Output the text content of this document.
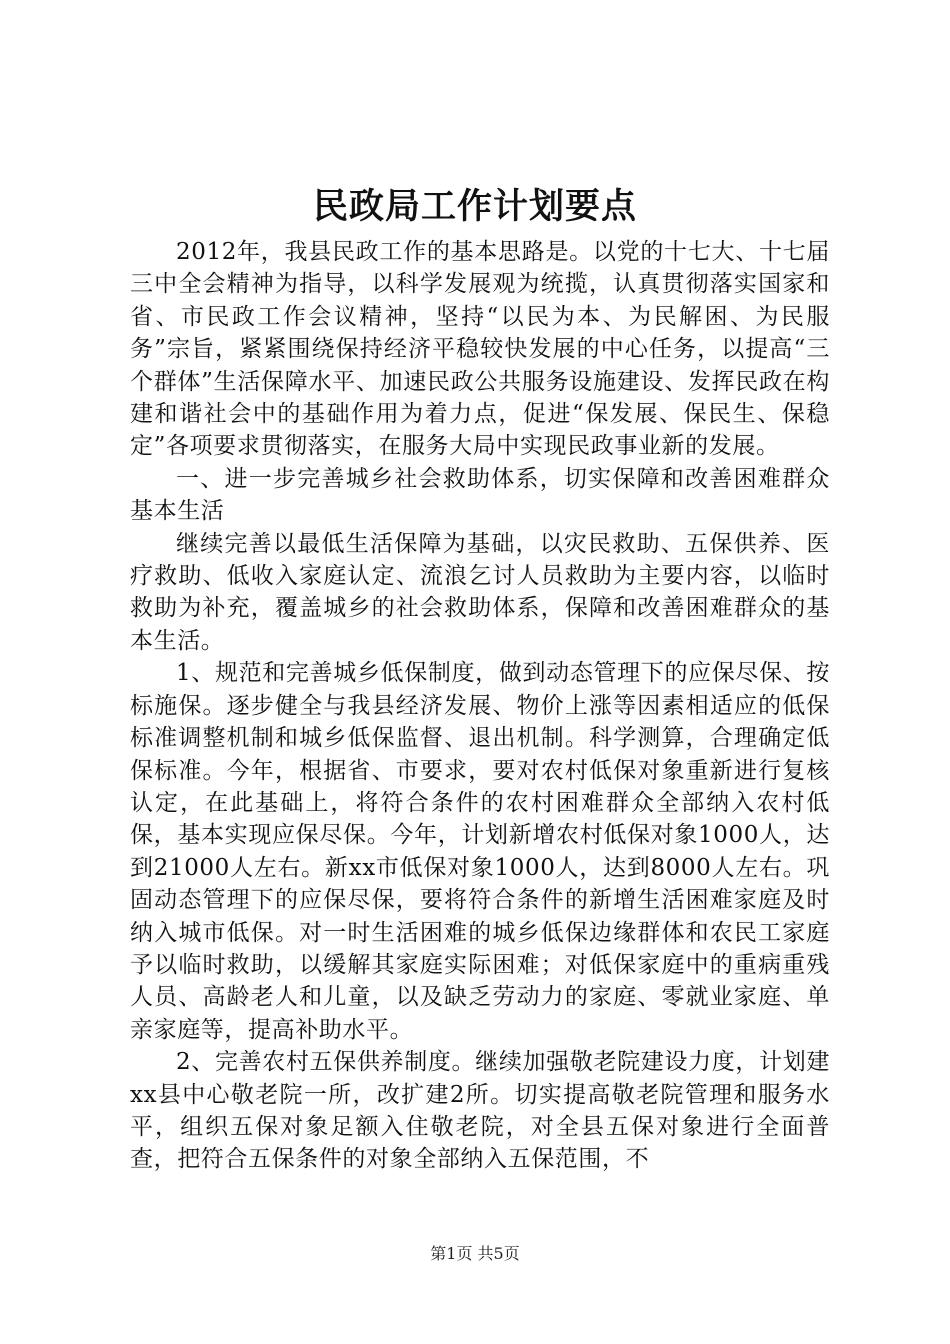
民政局工作计划要点

2012年，我县民政工作的基本思路是。以党的十七大、十七届三中全会精神为指导，以科学发展观为统揽，认真贯彻落实国家和省、市民政工作会议精神，坚持“以民为本、为民解困、为民服务”宗旨，紧紧围绕保持经济平稳较快发展的中心任务，以提高“三个群体”生活保障水平、加速民政公共服务设施建设、发挥民政在构建和谐社会中的基础作用为着力点，促进“保发展、保民生、保稳定”各项要求贯彻落实，在服务大局中实现民政事业新的发展。

一、进一步完善城乡社会救助体系，切实保障和改善困难群众基本生活

继续完善以最低生活保障为基础，以灾民救助、五保供养、医疗救助、低收入家庭认定、流浪乞讨人员救助为主要内容，以临时救助为补充，覆盖城乡的社会救助体系，保障和改善困难群众的基本生活。

1、规范和完善城乡低保制度，做到动态管理下的应保尽保、按标施保。逐步健全与我县经济发展、物价上涨等因素相适应的低保标准调整机制和城乡低保监督、退出机制。科学测算，合理确定低保标准。今年，根据省、市要求，要对农村低保对象重新进行复核认定，在此基础上，将符合条件的农村困难群众全部纳入农村低保，基本实现应保尽保。今年，计划新增农村低保对象1000人，达到21000人左右。新xx市低保对象1000人，达到8000人左右。巩固动态管理下的应保尽保，要将符合条件的新增生活困难家庭及时纳入城市低保。对一时生活困难的城乡低保边缘群体和农民工家庭予以临时救助，以缓解其家庭实际困难；对低保家庭中的重病重残人员、高龄老人和儿童，以及缺乏劳动力的家庭、零就业家庭、单亲家庭等，提高补助水平。

2、完善农村五保供养制度。继续加强敬老院建设力度，计划建xx县中心敬老院一所，改扩建2所。切实提高敬老院管理和服务水平，组织五保对象足额入住敬老院，对全县五保对象进行全面普查，把符合五保条件的对象全部纳入五保范围，不

第1页 共5页
